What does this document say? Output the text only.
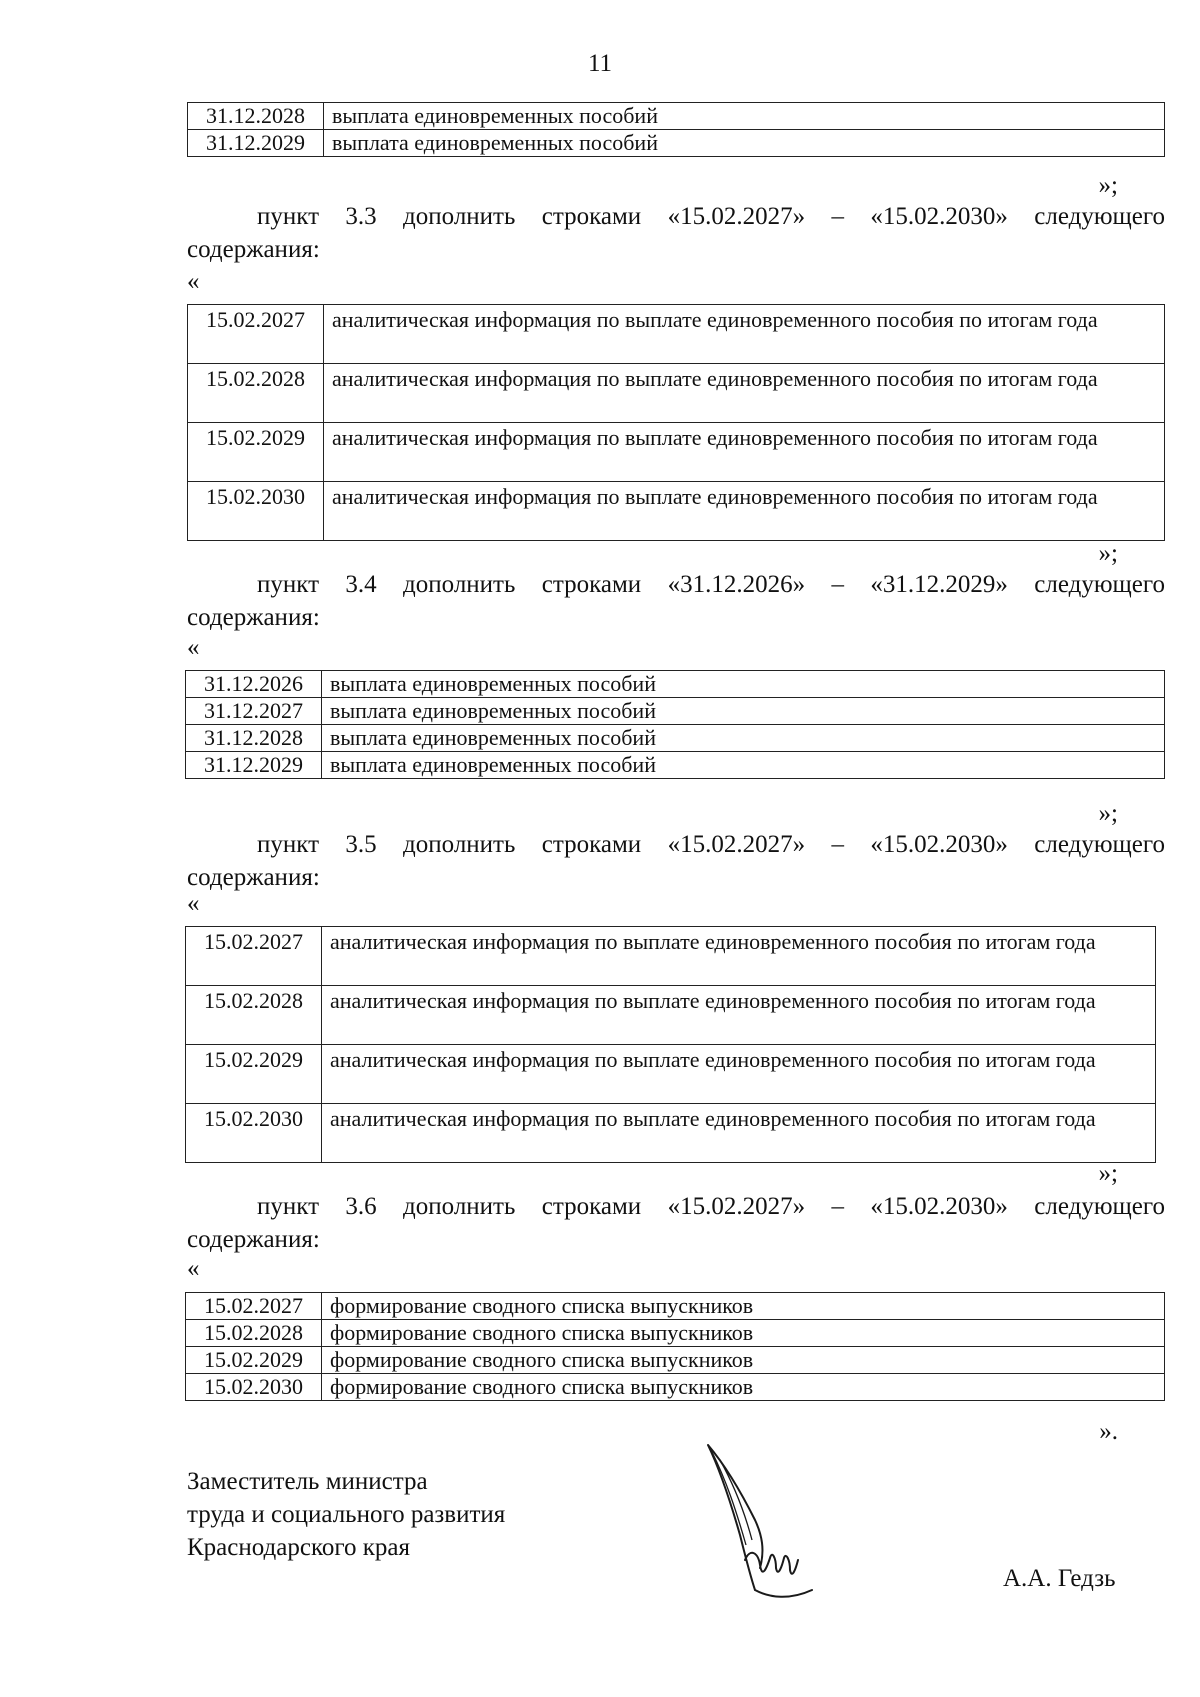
11
31.12.2028	выплата единовременных пособий
31.12.2029	выплата единовременных пособий
»;
пункт 3.3 дополнить строками «15.02.2027» – «15.02.2030» следующего
содержания:
«
15.02.2027	аналитическая информация по выплате единовременного пособия по итогам года
15.02.2028	аналитическая информация по выплате единовременного пособия по итогам года
15.02.2029	аналитическая информация по выплате единовременного пособия по итогам года
15.02.2030	аналитическая информация по выплате единовременного пособия по итогам года
»;
пункт 3.4 дополнить строками «31.12.2026» – «31.12.2029» следующего
содержания:
«
31.12.2026	выплата единовременных пособий
31.12.2027	выплата единовременных пособий
31.12.2028	выплата единовременных пособий
31.12.2029	выплата единовременных пособий
»;
пункт 3.5 дополнить строками «15.02.2027» – «15.02.2030» следующего
содержания:
«
15.02.2027	аналитическая информация по выплате единовременного пособия по итогам года
15.02.2028	аналитическая информация по выплате единовременного пособия по итогам года
15.02.2029	аналитическая информация по выплате единовременного пособия по итогам года
15.02.2030	аналитическая информация по выплате единовременного пособия по итогам года
»;
пункт 3.6 дополнить строками «15.02.2027» – «15.02.2030» следующего
содержания:
«
15.02.2027	формирование сводного списка выпускников
15.02.2028	формирование сводного списка выпускников
15.02.2029	формирование сводного списка выпускников
15.02.2030	формирование сводного списка выпускников
».
Заместитель министра
труда и социального развития
Краснодарского края
А.А. Гедзь
